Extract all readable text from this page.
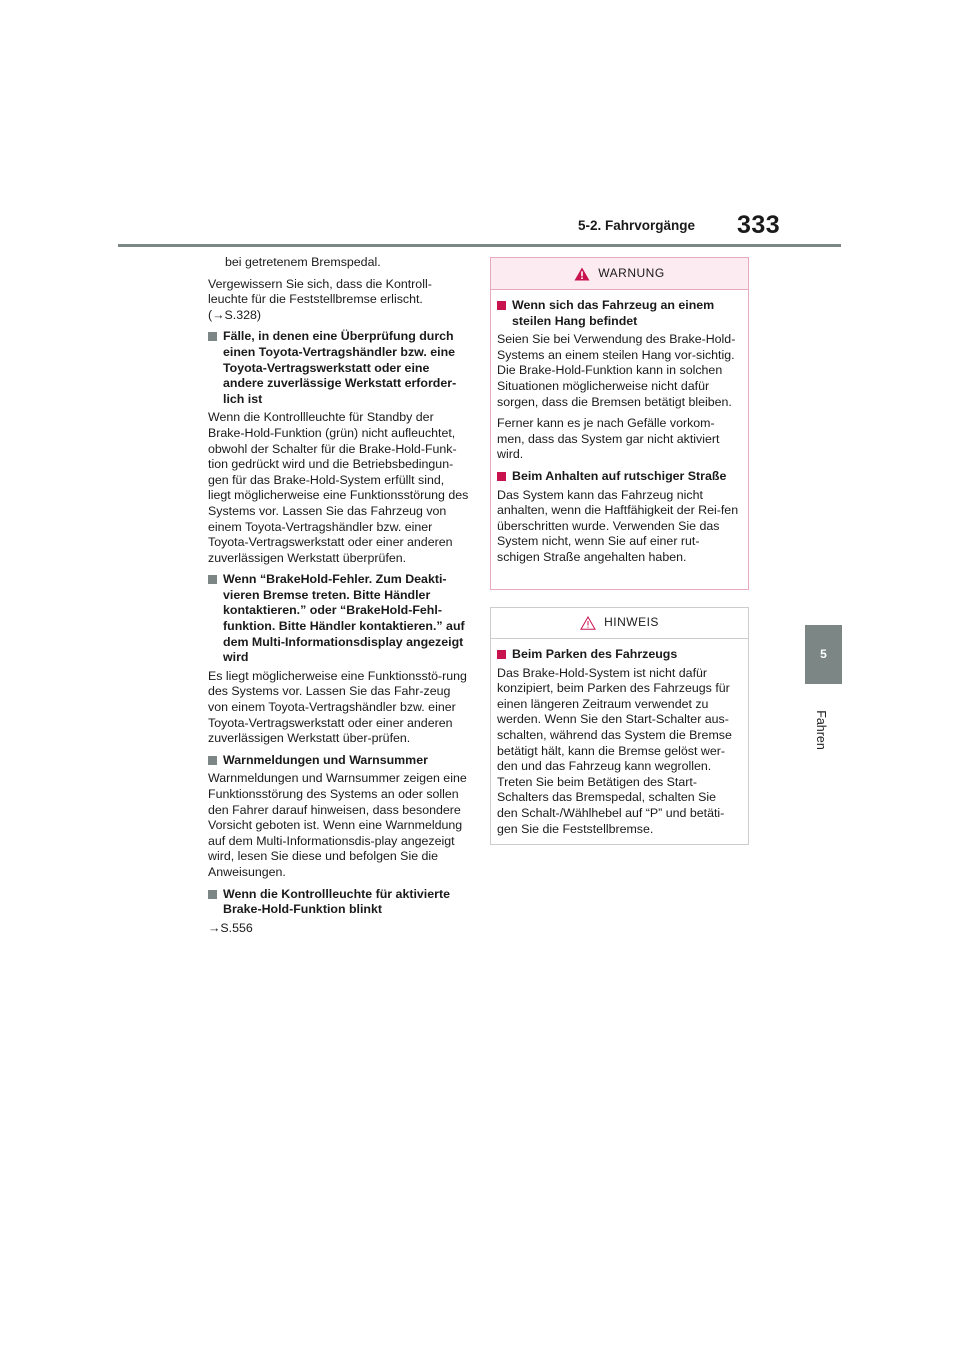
5-2. Fahrvorgänge 333
5
Fahren

bei getretenem Bremspedal.

Vergewissern Sie sich, dass die Kontroll-leuchte für die Feststellbremse erlischt. (→S.328)

Fälle, in denen eine Überprüfung durch einen Toyota-Vertragshändler bzw. eine Toyota-Vertragswerkstatt oder eine andere zuverlässige Werkstatt erforder-lich ist

Wenn die Kontrollleuchte für Standby der Brake-Hold-Funktion (grün) nicht aufleuchtet, obwohl der Schalter für die Brake-Hold-Funk-tion gedrückt wird und die Betriebsbedingun-gen für das Brake-Hold-System erfüllt sind, liegt möglicherweise eine Funktionsstörung des Systems vor. Lassen Sie das Fahrzeug von einem Toyota-Vertragshändler bzw. einer Toyota-Vertragswerkstatt oder einer anderen zuverlässigen Werkstatt überprüfen.

Wenn “BrakeHold-Fehler. Zum Deakti-vieren Bremse treten. Bitte Händler kontaktieren.” oder “BrakeHold-Fehl-funktion. Bitte Händler kontaktieren.” auf dem Multi-Informationsdisplay angezeigt wird

Es liegt möglicherweise eine Funktionsstö-rung des Systems vor. Lassen Sie das Fahr-zeug von einem Toyota-Vertragshändler bzw. einer Toyota-Vertragswerkstatt oder einer anderen zuverlässigen Werkstatt über-prüfen.

Warnmeldungen und Warnsummer

Warnmeldungen und Warnsummer zeigen eine Funktionsstörung des Systems an oder sollen den Fahrer darauf hinweisen, dass besondere Vorsicht geboten ist. Wenn eine Warnmeldung auf dem Multi-Informationsdis-play angezeigt wird, lesen Sie diese und befolgen Sie die Anweisungen.

Wenn die Kontrollleuchte für aktivierte Brake-Hold-Funktion blinkt

→S.556

WARNUNG
Wenn sich das Fahrzeug an einem steilen Hang befindet

Seien Sie bei Verwendung des Brake-Hold-Systems an einem steilen Hang vor-sichtig. Die Brake-Hold-Funktion kann in solchen Situationen möglicherweise nicht dafür sorgen, dass die Bremsen betätigt bleiben.

Ferner kann es je nach Gefälle vorkom-men, dass das System gar nicht aktiviert wird.

Beim Anhalten auf rutschiger Straße

Das System kann das Fahrzeug nicht anhalten, wenn die Haftfähigkeit der Rei-fen überschritten wurde. Verwenden Sie das System nicht, wenn Sie auf einer rut-schigen Straße angehalten haben.

HINWEIS
Beim Parken des Fahrzeugs

Das Brake-Hold-System ist nicht dafür konzipiert, beim Parken des Fahrzeugs für einen längeren Zeitraum verwendet zu werden. Wenn Sie den Start-Schalter aus-schalten, während das System die Bremse betätigt hält, kann die Bremse gelöst wer-den und das Fahrzeug kann wegrollen. Treten Sie beim Betätigen des Start-Schalters das Bremspedal, schalten Sie den Schalt-/Wählhebel auf “P” und betäti-gen Sie die Feststellbremse.
